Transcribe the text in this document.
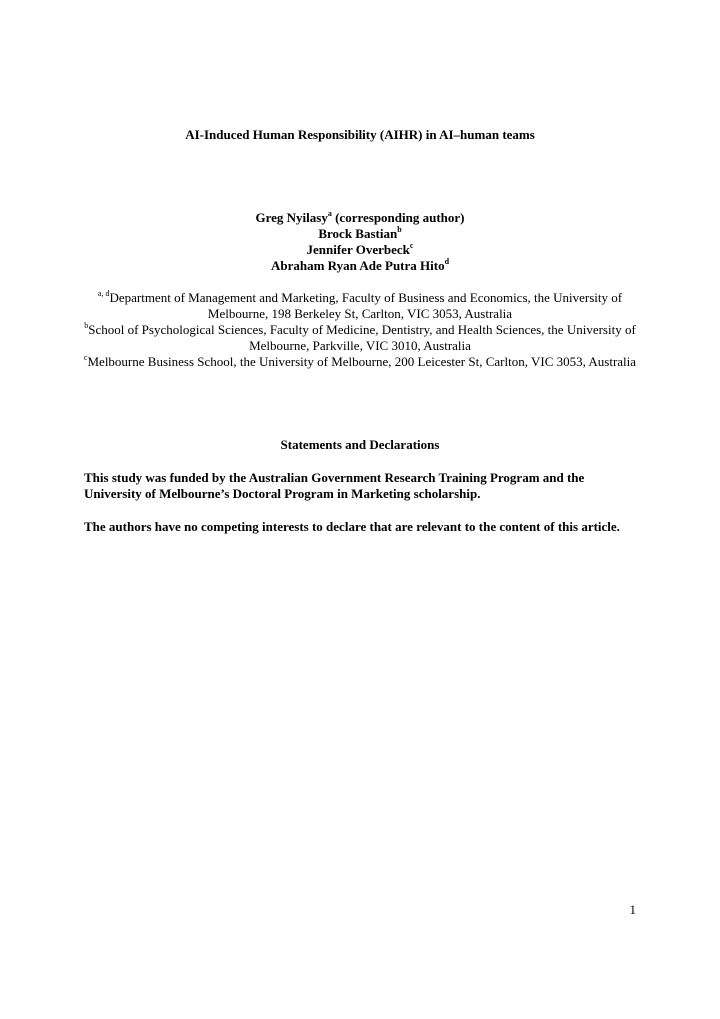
AI-Induced Human Responsibility (AIHR) in AI–human teams
Greg Nyilasy$^a$ (corresponding author)
Brock Bastian$^b$
Jennifer Overbeck$^c$
Abraham Ryan Ade Putra Hito$^d$

$^{a, d}$Department of Management and Marketing, Faculty of Business and Economics, the University of Melbourne, 198 Berkeley St, Carlton, VIC 3053, Australia

$^b$School of Psychological Sciences, Faculty of Medicine, Dentistry, and Health Sciences, the University of Melbourne, Parkville, VIC 3010, Australia

$^c$Melbourne Business School, the University of Melbourne, 200 Leicester St, Carlton, VIC 3053, Australia

Statements and Declarations

This study was funded by the Australian Government Research Training Program and the University of Melbourne’s Doctoral Program in Marketing scholarship.

The authors have no competing interests to declare that are relevant to the content of this article.

1
